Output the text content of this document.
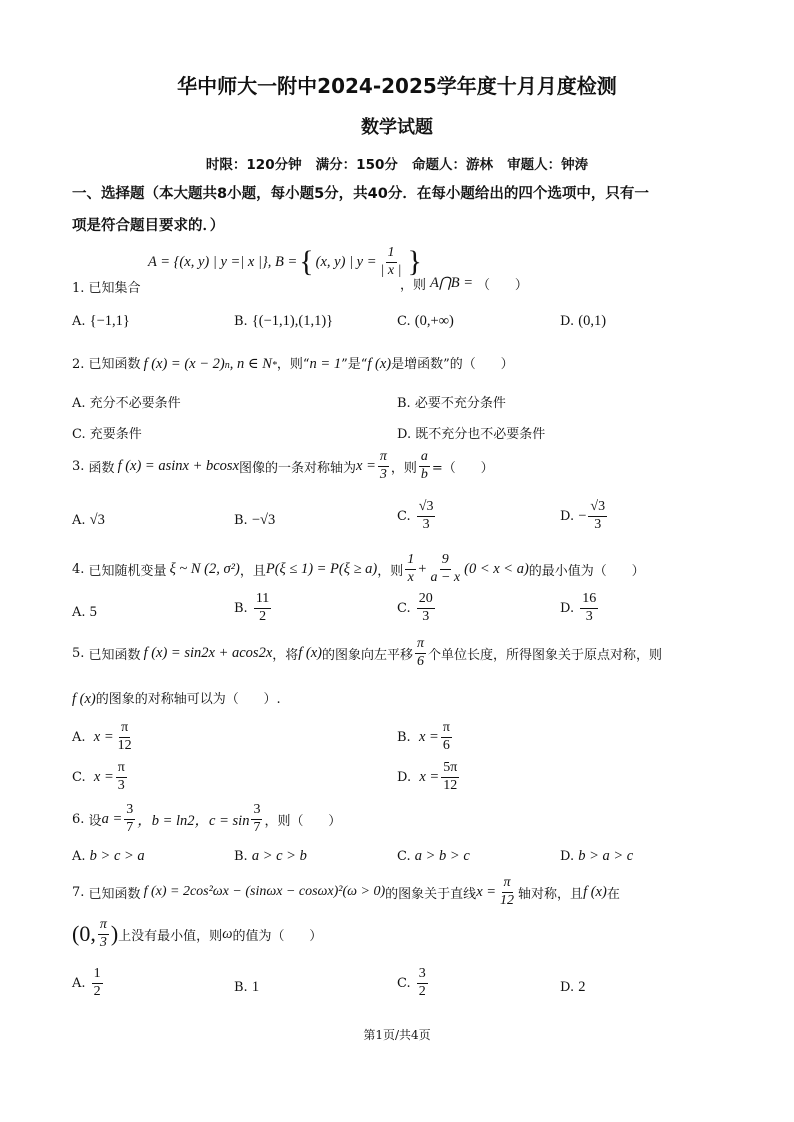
华中师大一附中2024-2025学年度十月月度检测
数学试题
时限：120分钟   满分：150分   命题人：游林   审题人：钟涛
一、选择题（本大题共8小题，每小题5分，共40分．在每小题给出的四个选项中，只有一
项是符合题目要求的．）
A = {(x, y) | y =| x |}, B = { (x, y) | $y = \frac{1}{| x |}$ }
1. 已知集合	，则 A⋂B = （      ）
A. {−1,1}	B. {(−1,1),(1,1)}	C. (0,+∞)	D. (0,1)
2.
已知函数 f (x) = (x − 2) n , n ∈ N * ，则“ n = 1 ”是“ f (x) 是增函数”的（      ）
A. 充分不必要条件	B. 必要不充分条件
C. 充要条件	D. 既不充分也不必要条件
3.
函数 f (x) = asinx + bcosx 图像的一条对称轴为 $x = \frac{\pi}{3}$ ，则 $\frac{a}{b}$ =（      ）
A. √3	B. −√3	C.
$\frac{√3}{3}$	D.
− $\frac{√3}{3}$
4.
已知随机变量 ξ ~ N (2, σ²) ，且 P(ξ ≤ 1) = P(ξ ≥ a) ，则 $\frac{1}{x} + \frac{9}{a - x} (0 < x < a)$ 的最小值为（      ）
A. 5	B.
$\frac{11}{2}$	C.
$\frac{20}{3}$	D.
$\frac{16}{3}$
5.
已知函数 f (x) = sin2x + acos2x ，将 f (x) 的图象向左平移 $\frac{\pi}{6}$ 个单位长度，所得图象关于原点对称，则
f (x) 的图象的对称轴可以为（      ）.
A.
$x = \frac{\pi}{12}$	B.
$x = \frac{\pi}{6}$
C.
$x = \frac{\pi}{3}$	D.
$x = \frac{5\pi}{12}$
6.
设 $a = \frac{3}{7}$ ，b = ln2，$c = \sin \frac{3}{7}$ ，则（      ）
A. b > c > a	B. a > c > b	C. a > b > c	D. b > a > c
7.
已知函数 f (x) = 2cos²ωx − (sinωx − cosωx)²(ω > 0) 的图象关于直线 $x = \frac{\pi}{12}$ 轴对称，且 f (x) 在
(0, $\frac{\pi}{3}$ ) 上没有最小值，则 ω 的值为（      ）
A.
$\frac{1}{2}$	B. 1	C.
$\frac{3}{2}$	D. 2
第1页/共4页
